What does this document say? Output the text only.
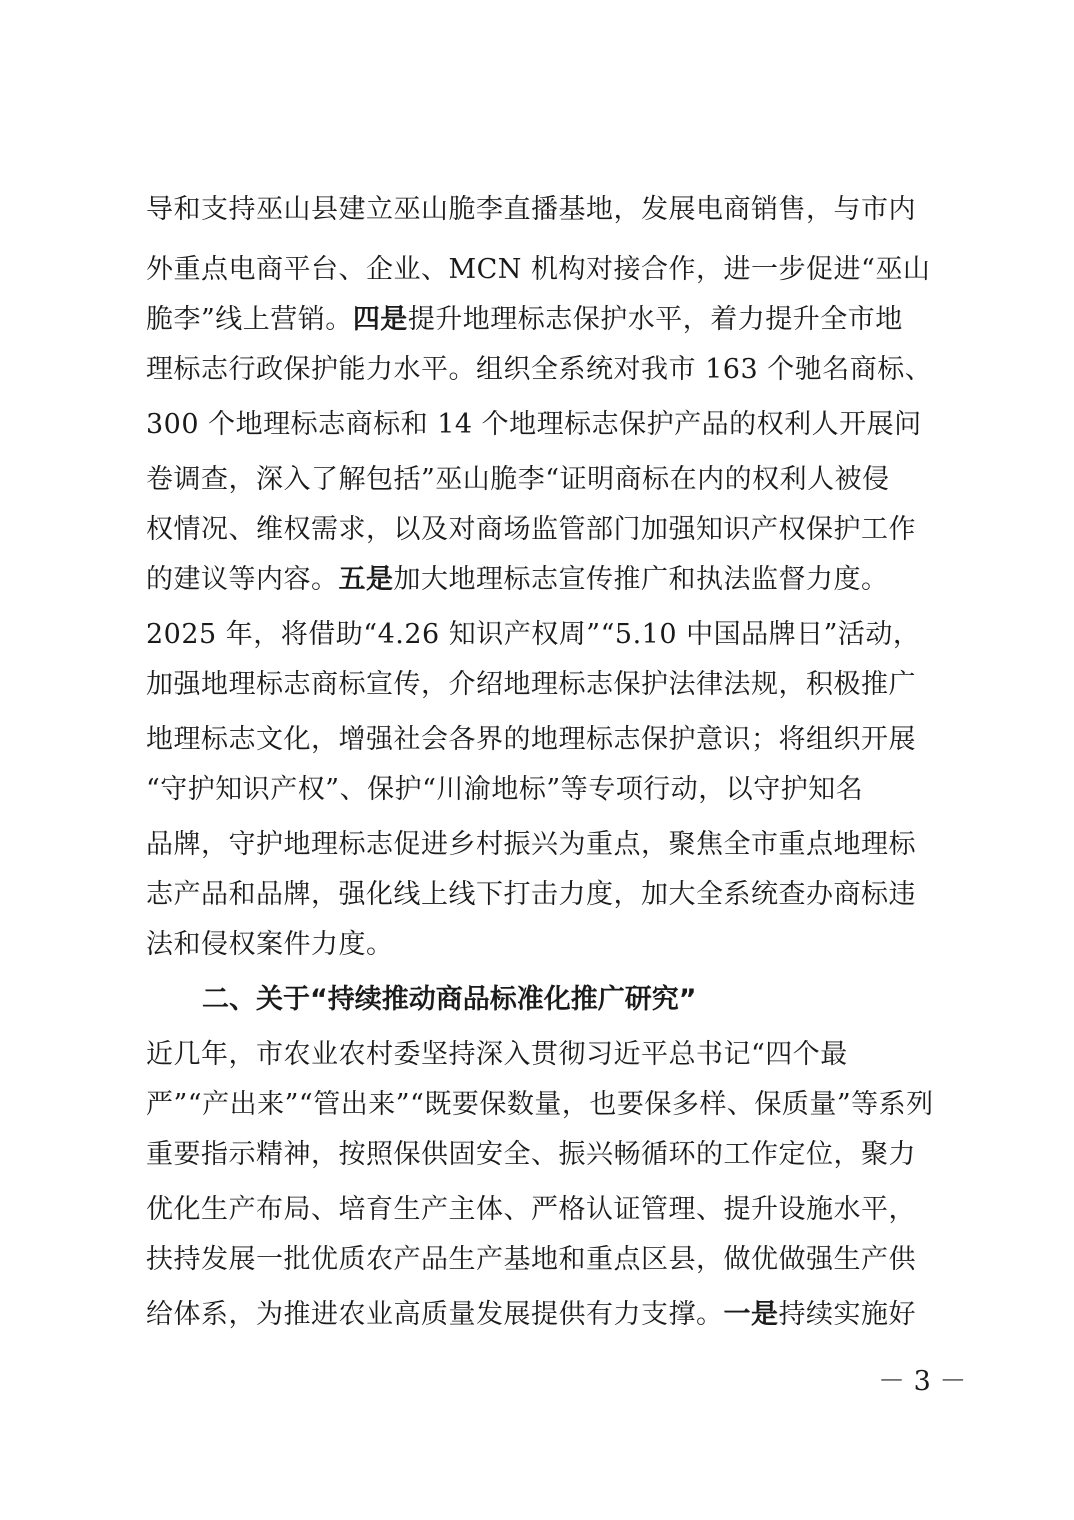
导和支持巫山县建立巫山脆李直播基地，发展电商销售，与市内
外重点电商平台、企业、MCN 机构对接合作，进一步促进“巫山
脆李”线上营销。四是提升地理标志保护水平，着力提升全市地
理标志行政保护能力水平。组织全系统对我市 163 个驰名商标、
300 个地理标志商标和 14 个地理标志保护产品的权利人开展问
卷调查，深入了解包括”巫山脆李“证明商标在内的权利人被侵
权情况、维权需求，以及对商场监管部门加强知识产权保护工作
的建议等内容。五是加大地理标志宣传推广和执法监督力度。
2025 年，将借助“4.26 知识产权周”“5.10 中国品牌日”活动，
加强地理标志商标宣传，介绍地理标志保护法律法规，积极推广
地理标志文化，增强社会各界的地理标志保护意识；将组织开展
“守护知识产权”、保护“川渝地标”等专项行动，以守护知名
品牌，守护地理标志促进乡村振兴为重点，聚焦全市重点地理标
志产品和品牌，强化线上线下打击力度，加大全系统查办商标违
法和侵权案件力度。
二、关于“持续推动商品标准化推广研究”
近几年，市农业农村委坚持深入贯彻习近平总书记“四个最
严”“产出来”“管出来”“既要保数量，也要保多样、保质量”等系列
重要指示精神，按照保供固安全、振兴畅循环的工作定位，聚力
优化生产布局、培育生产主体、严格认证管理、提升设施水平，
扶持发展一批优质农产品生产基地和重点区县，做优做强生产供
给体系，为推进农业高质量发展提供有力支撑。一是持续实施好
－ 3 －
